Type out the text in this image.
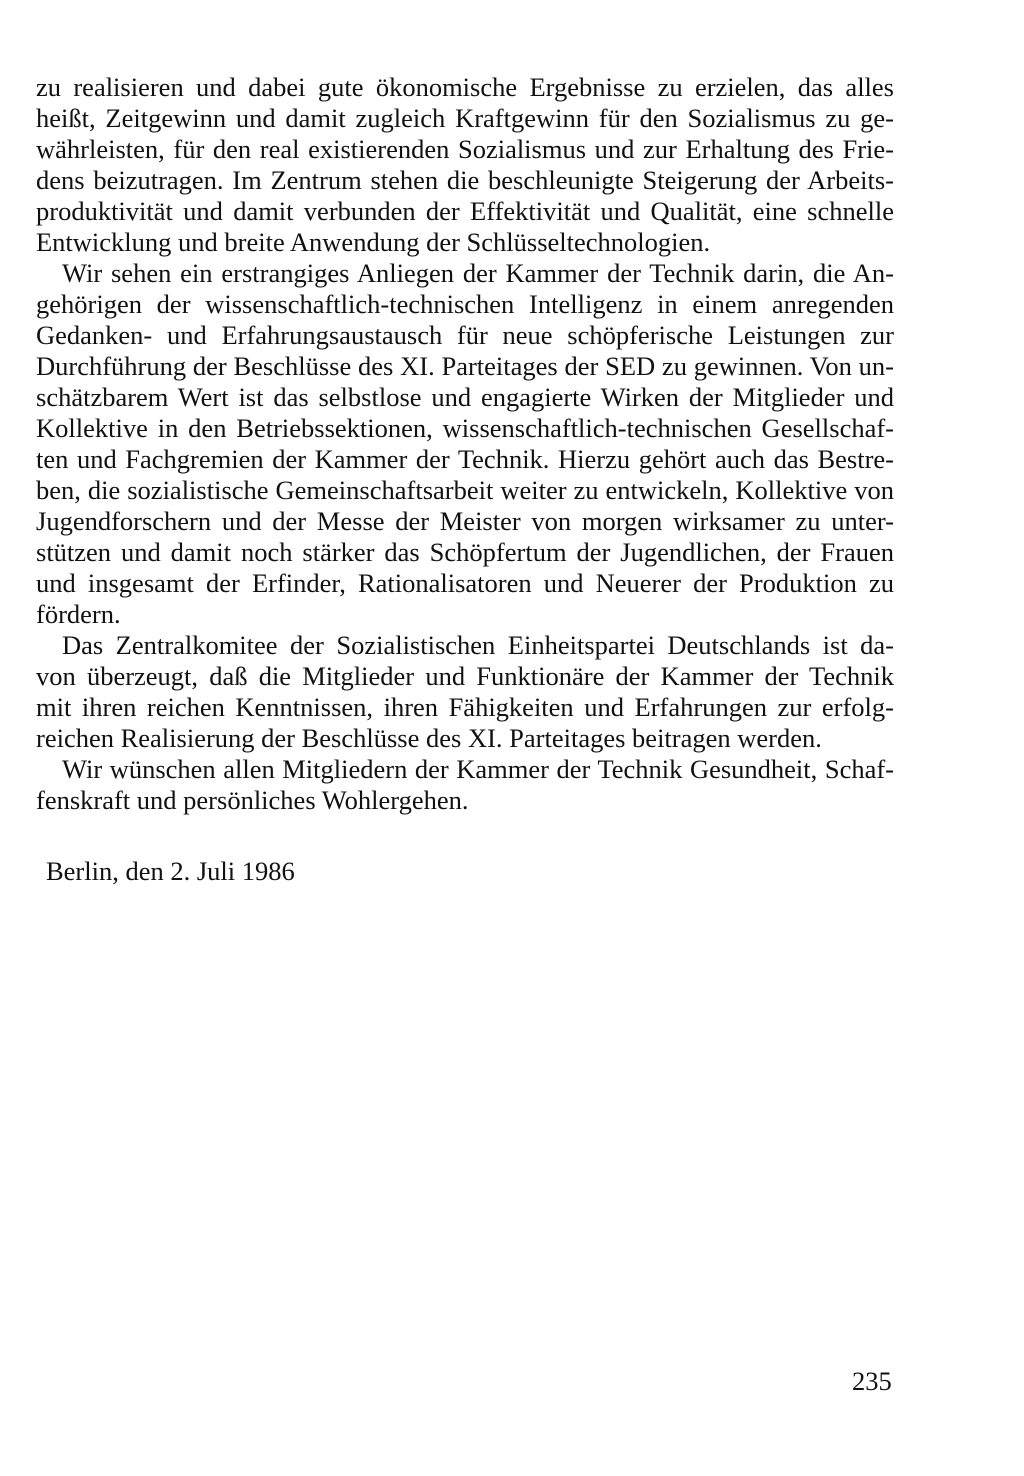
zu realisieren und dabei gute ökonomische Ergebnisse zu erzielen, das alles
heißt, Zeitgewinn und damit zugleich Kraftgewinn für den Sozialismus zu ge-
währleisten, für den real existierenden Sozialismus und zur Erhaltung des Frie-
dens beizutragen. Im Zentrum stehen die beschleunigte Steigerung der Arbeits-
produktivität und damit verbunden der Effektivität und Qualität, eine schnelle
Entwicklung und breite Anwendung der Schlüsseltechnologien.
Wir sehen ein erstrangiges Anliegen der Kammer der Technik darin, die An-
gehörigen der wissenschaftlich-technischen Intelligenz in einem anregenden
Gedanken- und Erfahrungsaustausch für neue schöpferische Leistungen zur
Durchführung der Beschlüsse des XI. Parteitages der SED zu gewinnen. Von un-
schätzbarem Wert ist das selbstlose und engagierte Wirken der Mitglieder und
Kollektive in den Betriebssektionen, wissenschaftlich-technischen Gesellschaf-
ten und Fachgremien der Kammer der Technik. Hierzu gehört auch das Bestre-
ben, die sozialistische Gemeinschaftsarbeit weiter zu entwickeln, Kollektive von
Jugendforschern und der Messe der Meister von morgen wirksamer zu unter-
stützen und damit noch stärker das Schöpfertum der Jugendlichen, der Frauen
und insgesamt der Erfinder, Rationalisatoren und Neuerer der Produktion zu
fördern.
Das Zentralkomitee der Sozialistischen Einheitspartei Deutschlands ist da-
von überzeugt, daß die Mitglieder und Funktionäre der Kammer der Technik
mit ihren reichen Kenntnissen, ihren Fähigkeiten und Erfahrungen zur erfolg-
reichen Realisierung der Beschlüsse des XI. Parteitages beitragen werden.
Wir wünschen allen Mitgliedern der Kammer der Technik Gesundheit, Schaf-
fenskraft und persönliches Wohlergehen.
Berlin, den 2. Juli 1986
235
